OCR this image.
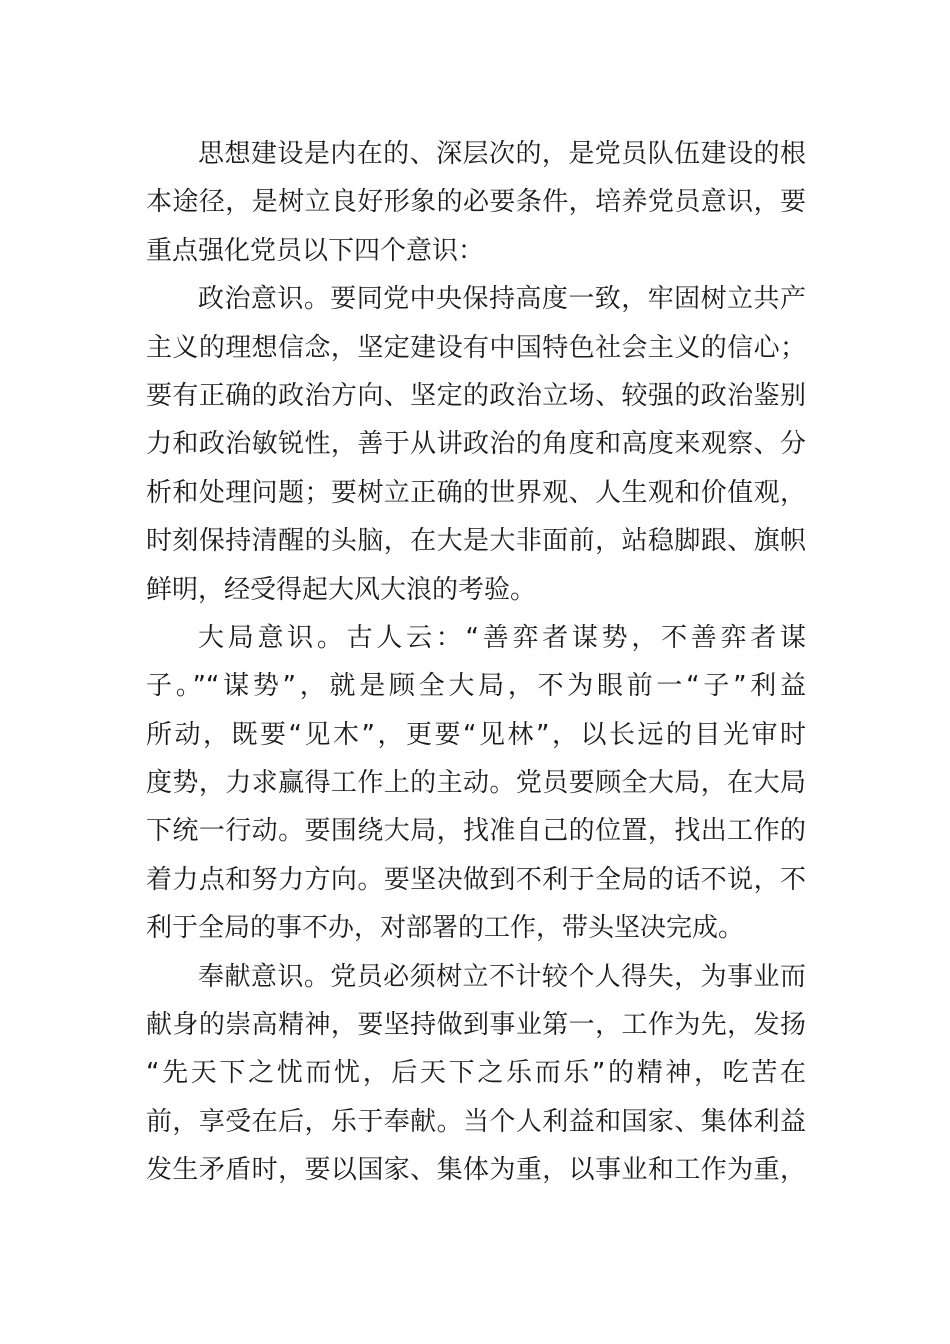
思想建设是内在的、深层次的，是党员队伍建设的根
本途径，是树立良好形象的必要条件，培养党员意识，要
重点强化党员以下四个意识：
政治意识。要同党中央保持高度一致，牢固树立共产
主义的理想信念，坚定建设有中国特色社会主义的信心；
要有正确的政治方向、坚定的政治立场、较强的政治鉴别
力和政治敏锐性，善于从讲政治的角度和高度来观察、分
析和处理问题；要树立正确的世界观、人生观和价值观，
时刻保持清醒的头脑，在大是大非面前，站稳脚跟、旗帜
鲜明，经受得起大风大浪的考验。
大局意识。古人云：“善弈者谋势，不善弈者谋
子。”“谋势”，就是顾全大局，不为眼前一“子”利益
所动，既要“见木”，更要“见林”，以长远的目光审时
度势，力求赢得工作上的主动。党员要顾全大局，在大局
下统一行动。要围绕大局，找准自己的位置，找出工作的
着力点和努力方向。要坚决做到不利于全局的话不说，不
利于全局的事不办，对部署的工作，带头坚决完成。
奉献意识。党员必须树立不计较个人得失，为事业而
献身的崇高精神，要坚持做到事业第一，工作为先，发扬
“先天下之忧而忧，后天下之乐而乐”的精神，吃苦在
前，享受在后，乐于奉献。当个人利益和国家、集体利益
发生矛盾时，要以国家、集体为重，以事业和工作为重，
